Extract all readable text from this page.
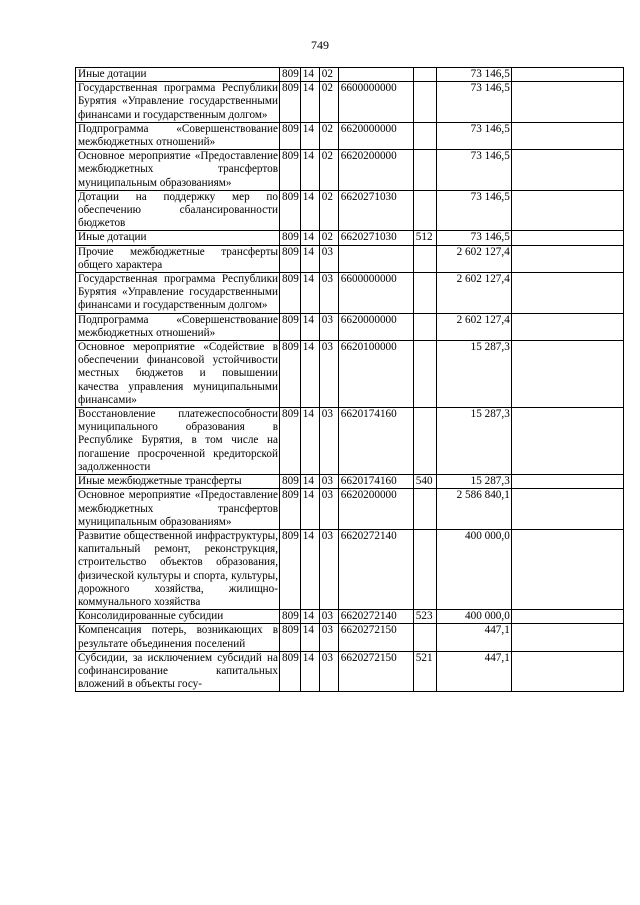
749
Иные дотации	809	14	02			73 146,5	
Государственная программа Республики Бурятия «Управление государственными финансами и государственным долгом»	809	14	02	6600000000		73 146,5	
Подпрограмма «Совершенствование межбюджетных отношений»	809	14	02	6620000000		73 146,5	
Основное мероприятие «Предоставление межбюджетных трансфертов муниципальным образованиям»	809	14	02	6620200000		73 146,5	
Дотации на поддержку мер по обеспечению сбалансированности бюджетов	809	14	02	6620271030		73 146,5	
Иные дотации	809	14	02	6620271030	512	73 146,5	
Прочие межбюджетные трансферты общего характера	809	14	03			2 602 127,4	
Государственная программа Республики Бурятия «Управление государственными финансами и государственным долгом»	809	14	03	6600000000		2 602 127,4	
Подпрограмма «Совершенствование межбюджетных отношений»	809	14	03	6620000000		2 602 127,4	
Основное мероприятие «Содействие в обеспечении финансовой устойчивости местных бюджетов и повышении качества управления муниципальными финансами»	809	14	03	6620100000		15 287,3	
Восстановление платежеспособности муниципального образования в Республике Бурятия, в том числе на погашение просроченной кредиторской задолженности	809	14	03	6620174160		15 287,3	
Иные межбюджетные трансферты	809	14	03	6620174160	540	15 287,3	
Основное мероприятие «Предоставление межбюджетных трансфертов муниципальным образованиям»	809	14	03	6620200000		2 586 840,1	
Развитие общественной инфраструктуры, капитальный ремонт, реконструкция, строительство объектов образования, физической культуры и спорта, культуры, дорожного хозяйства, жилищно-коммунального хозяйства	809	14	03	6620272140		400 000,0	
Консолидированные субсидии	809	14	03	6620272140	523	400 000,0	
Компенсация потерь, возникающих в результате объединения поселений	809	14	03	6620272150		447,1	
Субсидии, за исключением субсидий на софинансирование капитальных вложений в объекты госу-	809	14	03	6620272150	521	447,1	
